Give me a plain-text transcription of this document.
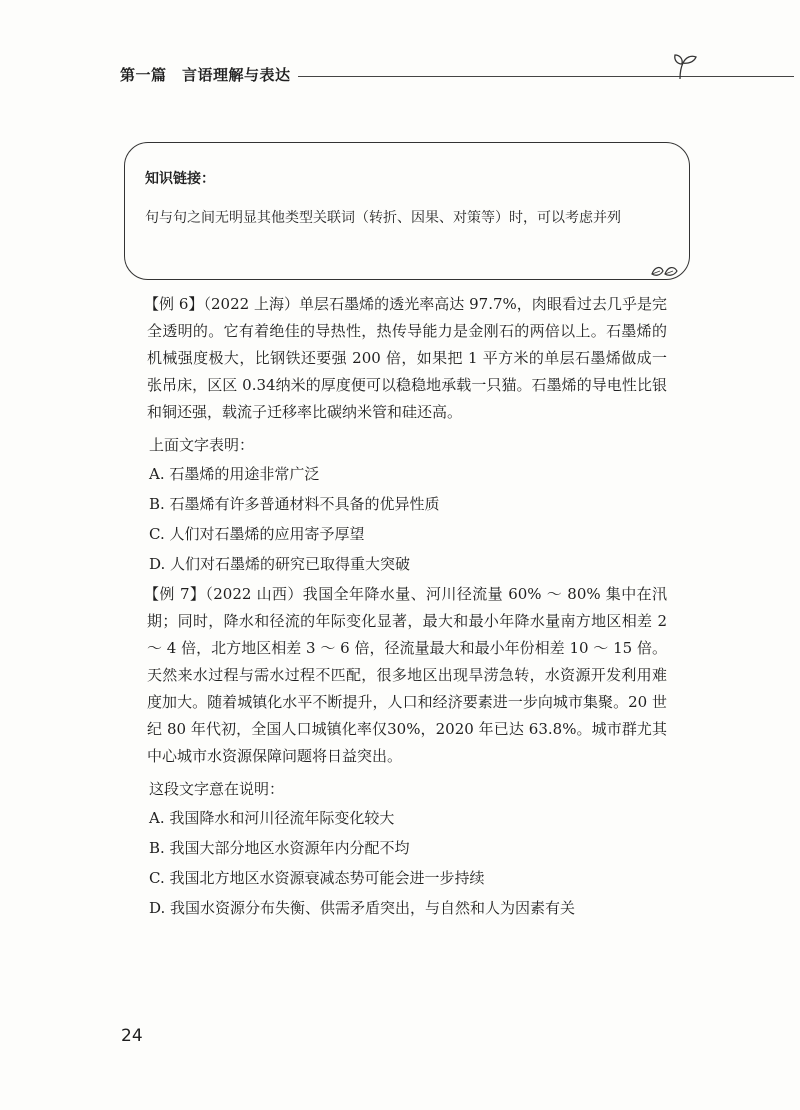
第一篇　言语理解与表达
知识链接：
句与句之间无明显其他类型关联词（转折、因果、对策等）时，可以考虑并列

【例 6】（2022 上海）单层石墨烯的透光率高达 97.7%，肉眼看过去几乎是完全透明的。它有着绝佳的导热性，热传导能力是金刚石的两倍以上。石墨烯的机械强度极大，比钢铁还要强 200 倍，如果把 1 平方米的单层石墨烯做成一张吊床，区区 0.34纳米的厚度便可以稳稳地承载一只猫。石墨烯的导电性比银和铜还强，载流子迁移率比碳纳米管和硅还高。

上面文字表明：

A. 石墨烯的用途非常广泛

B. 石墨烯有许多普通材料不具备的优异性质

C. 人们对石墨烯的应用寄予厚望

D. 人们对石墨烯的研究已取得重大突破

【例 7】（2022 山西）我国全年降水量、河川径流量 60% ～ 80% 集中在汛期；同时，降水和径流的年际变化显著，最大和最小年降水量南方地区相差 2 ～ 4 倍，北方地区相差 3 ～ 6 倍，径流量最大和最小年份相差 10 ～ 15 倍。天然来水过程与需水过程不匹配，很多地区出现旱涝急转，水资源开发利用难度加大。随着城镇化水平不断提升，人口和经济要素进一步向城市集聚。20 世纪 80 年代初，全国人口城镇化率仅30%，2020 年已达 63.8%。城市群尤其中心城市水资源保障问题将日益突出。

这段文字意在说明：

A. 我国降水和河川径流年际变化较大

B. 我国大部分地区水资源年内分配不均

C. 我国北方地区水资源衰减态势可能会进一步持续

D. 我国水资源分布失衡、供需矛盾突出，与自然和人为因素有关

24
